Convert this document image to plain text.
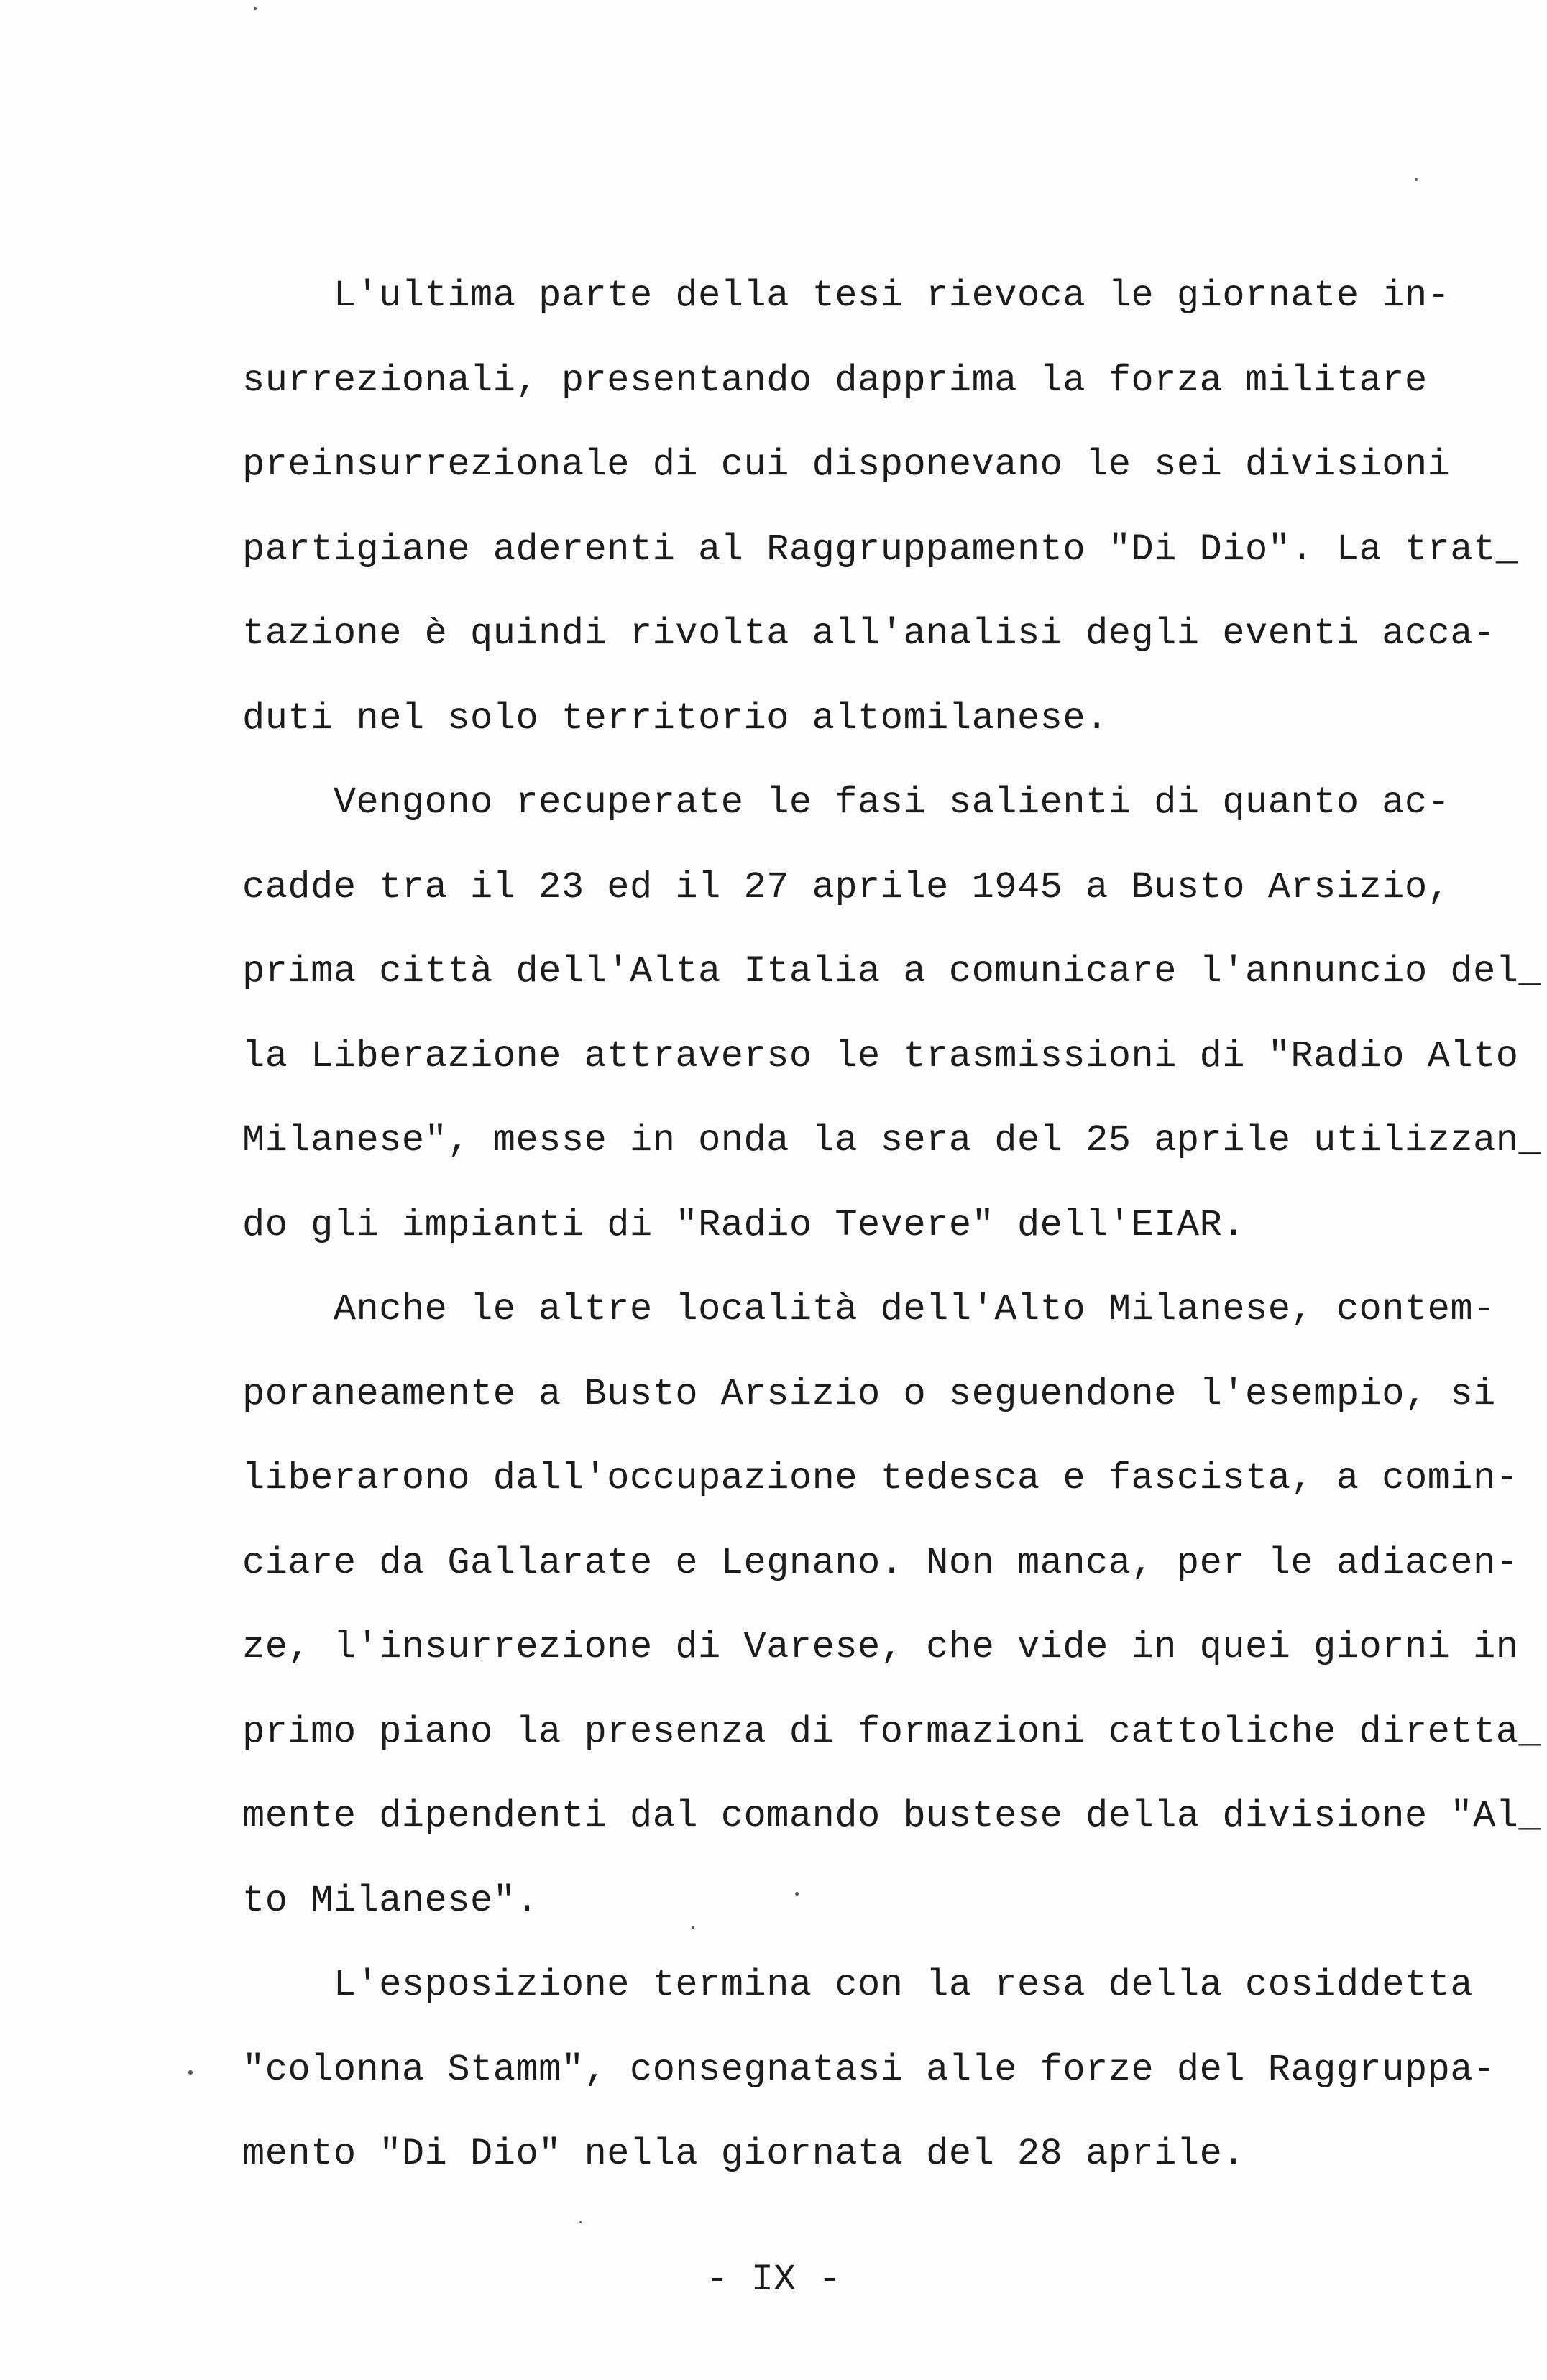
L'ultima parte della tesi rievoca le giornate in-
surrezionali, presentando dapprima la forza militare
preinsurrezionale di cui disponevano le sei divisioni
partigiane aderenti al Raggruppamento "Di Dio". La trat_
tazione è quindi rivolta all'analisi degli eventi acca-
duti nel solo territorio altomilanese.
Vengono recuperate le fasi salienti di quanto ac-
cadde tra il 23 ed il 27 aprile 1945 a Busto Arsizio,
prima città dell'Alta Italia a comunicare l'annuncio del_
la Liberazione attraverso le trasmissioni di "Radio Alto
Milanese", messe in onda la sera del 25 aprile utilizzan_
do gli impianti di "Radio Tevere" dell'EIAR.
Anche le altre località dell'Alto Milanese, contem-
poraneamente a Busto Arsizio o seguendone l'esempio, si
liberarono dall'occupazione tedesca e fascista, a comin-
ciare da Gallarate e Legnano. Non manca, per le adiacen-
ze, l'insurrezione di Varese, che vide in quei giorni in
primo piano la presenza di formazioni cattoliche diretta_
mente dipendenti dal comando bustese della divisione "Al_
to Milanese".
L'esposizione termina con la resa della cosiddetta
"colonna Stamm", consegnatasi alle forze del Raggruppa-
mento "Di Dio" nella giornata del 28 aprile.
- IX -
